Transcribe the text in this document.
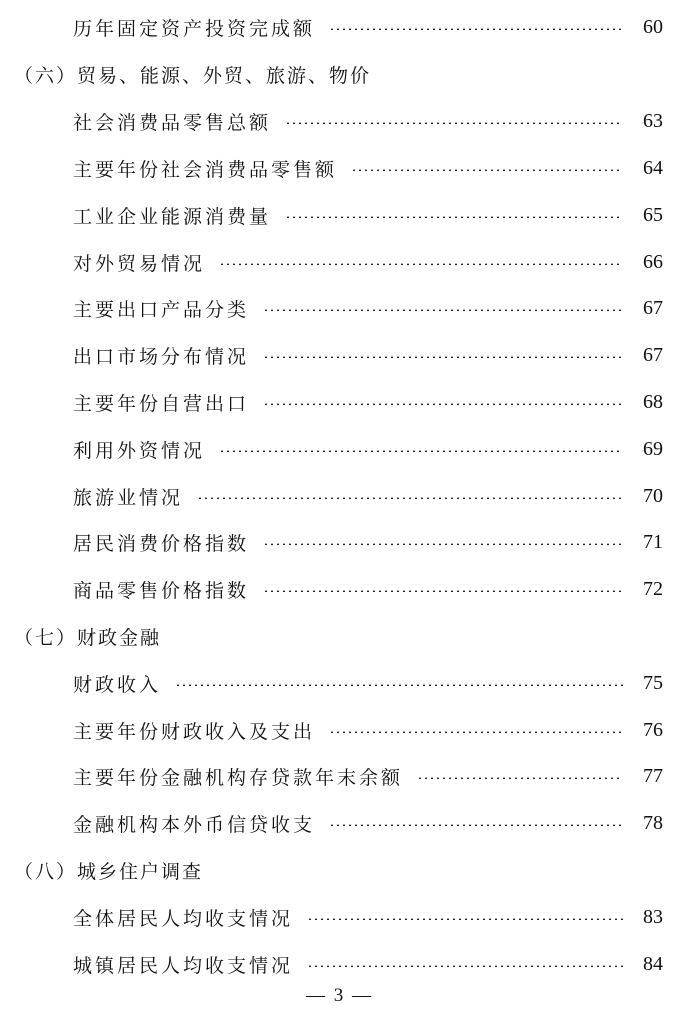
历年固定资产投资完成额	60
（六）贸易、能源、外贸、旅游、物价
社会消费品零售总额	63
主要年份社会消费品零售额	64
工业企业能源消费量	65
对外贸易情况	66
主要出口产品分类	67
出口市场分布情况	67
主要年份自营出口	68
利用外资情况	69
旅游业情况	70
居民消费价格指数	71
商品零售价格指数	72
（七）财政金融
财政收入	75
主要年份财政收入及支出	76
主要年份金融机构存贷款年末余额	77
金融机构本外币信贷收支	78
（八）城乡住户调查
全体居民人均收支情况	83
城镇居民人均收支情况	84
— 3 —
